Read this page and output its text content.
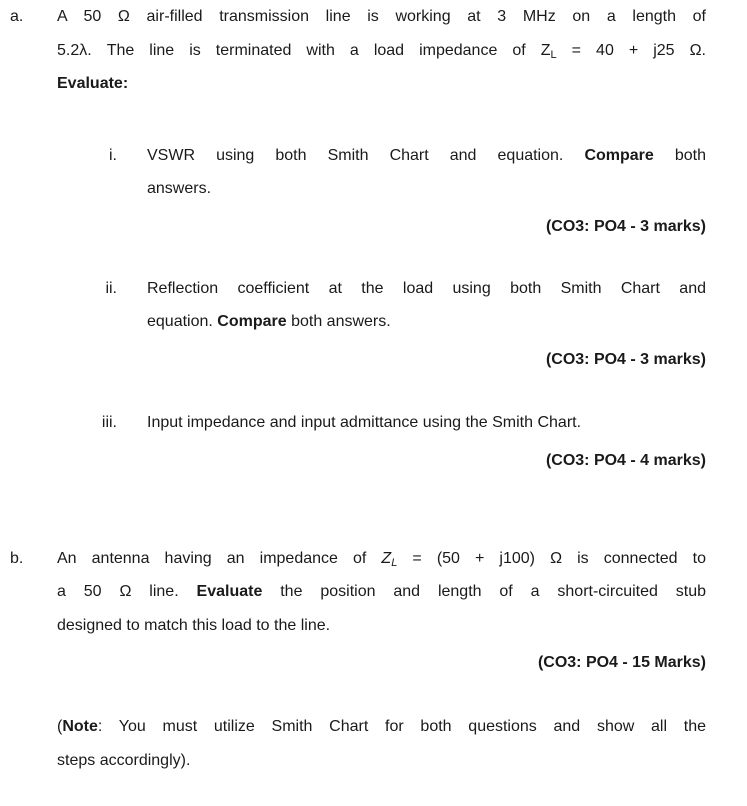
a.	A 50 Ω air-filled transmission line is working at 3 MHz on a length of
5.2λ. The line is terminated with a load impedance of $Z_L = 40 + j25$ Ω.
Evaluate:
i. VSWR using both Smith Chart and equation. Compare both
answers.
(CO3: PO4 - 3 marks)
ii. Reflection coefficient at the load using both Smith Chart and
equation. Compare both answers.
(CO3: PO4 - 3 marks)
iii. Input impedance and input admittance using the Smith Chart.
(CO3: PO4 - 4 marks)
b.	An antenna having an impedance of $Z_L = (50 + j100)$ Ω is connected to
a 50 Ω line. Evaluate the position and length of a short-circuited stub
designed to match this load to the line.
(CO3: PO4 - 15 Marks)
(Note: You must utilize Smith Chart for both questions and show all the
steps accordingly).
